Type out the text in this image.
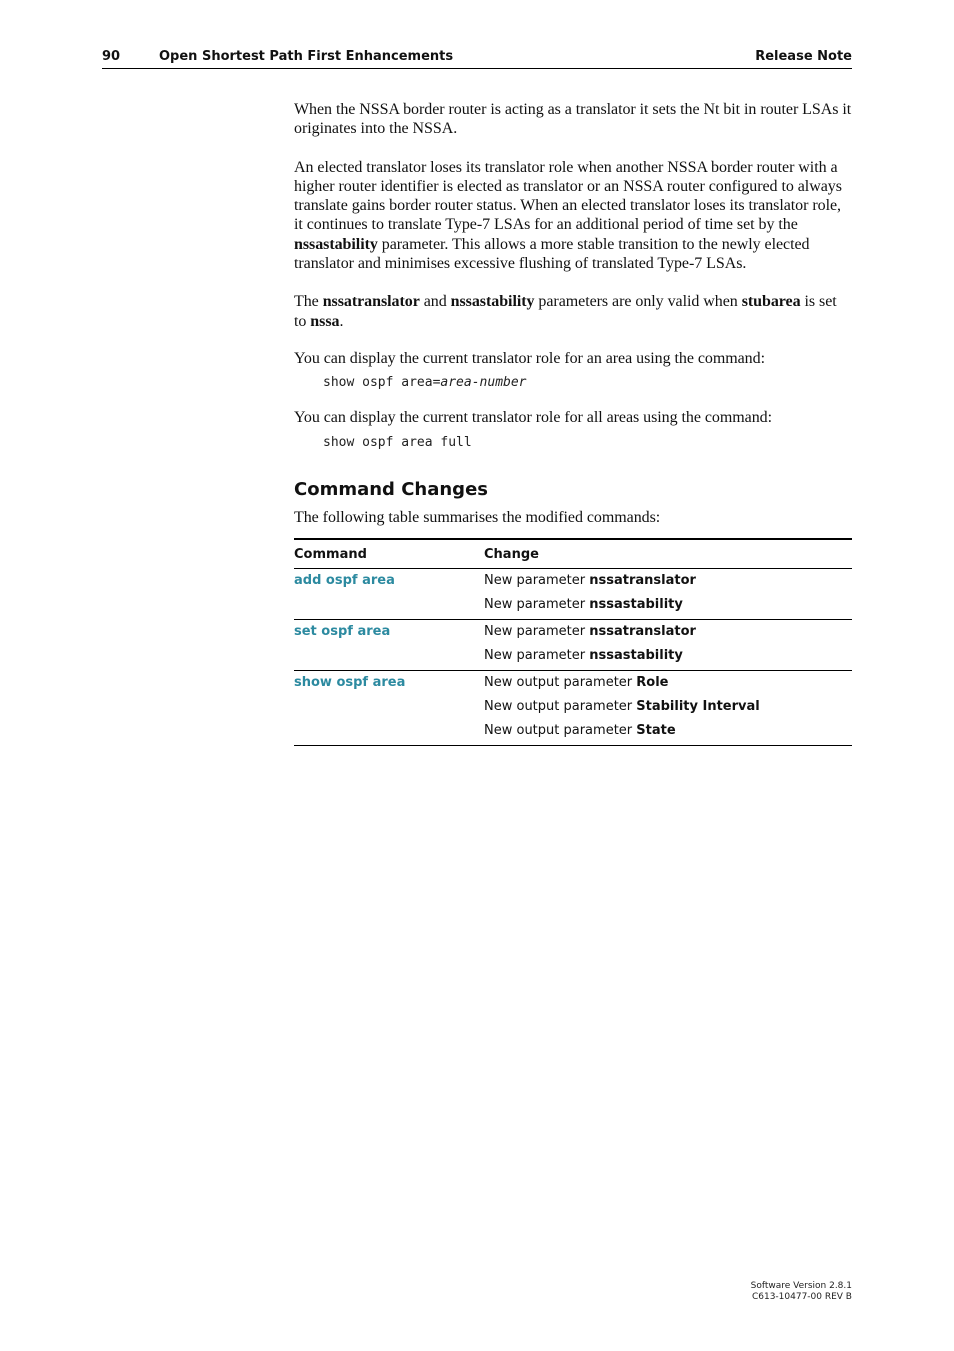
90	Open Shortest Path First Enhancements	Release Note

When the NSSA border router is acting as a translator it sets the Nt bit in router LSAs it originates into the NSSA.

An elected translator loses its translator role when another NSSA border router with a higher router identifier is elected as translator or an NSSA router configured to always translate gains border router status. When an elected translator loses its translator role, it continues to translate Type-7 LSAs for an additional period of time set by the nssastability parameter. This allows a more stable transition to the newly elected translator and minimises excessive flushing of translated Type-7 LSAs.

The nssatranslator and nssastability parameters are only valid when stubarea is set to nssa.

You can display the current translator role for an area using the command:

show ospf area=area-number

You can display the current translator role for all areas using the command:

show ospf area full
Command Changes

The following table summarises the modified commands:

Command	Change

add ospf area	New parameter nssatranslator
New parameter nssastability

set ospf area	New parameter nssatranslator
New parameter nssastability

show ospf area	New output parameter Role
New output parameter Stability Interval
New output parameter State
Software Version 2.8.1
C613-10477-00 REV B
